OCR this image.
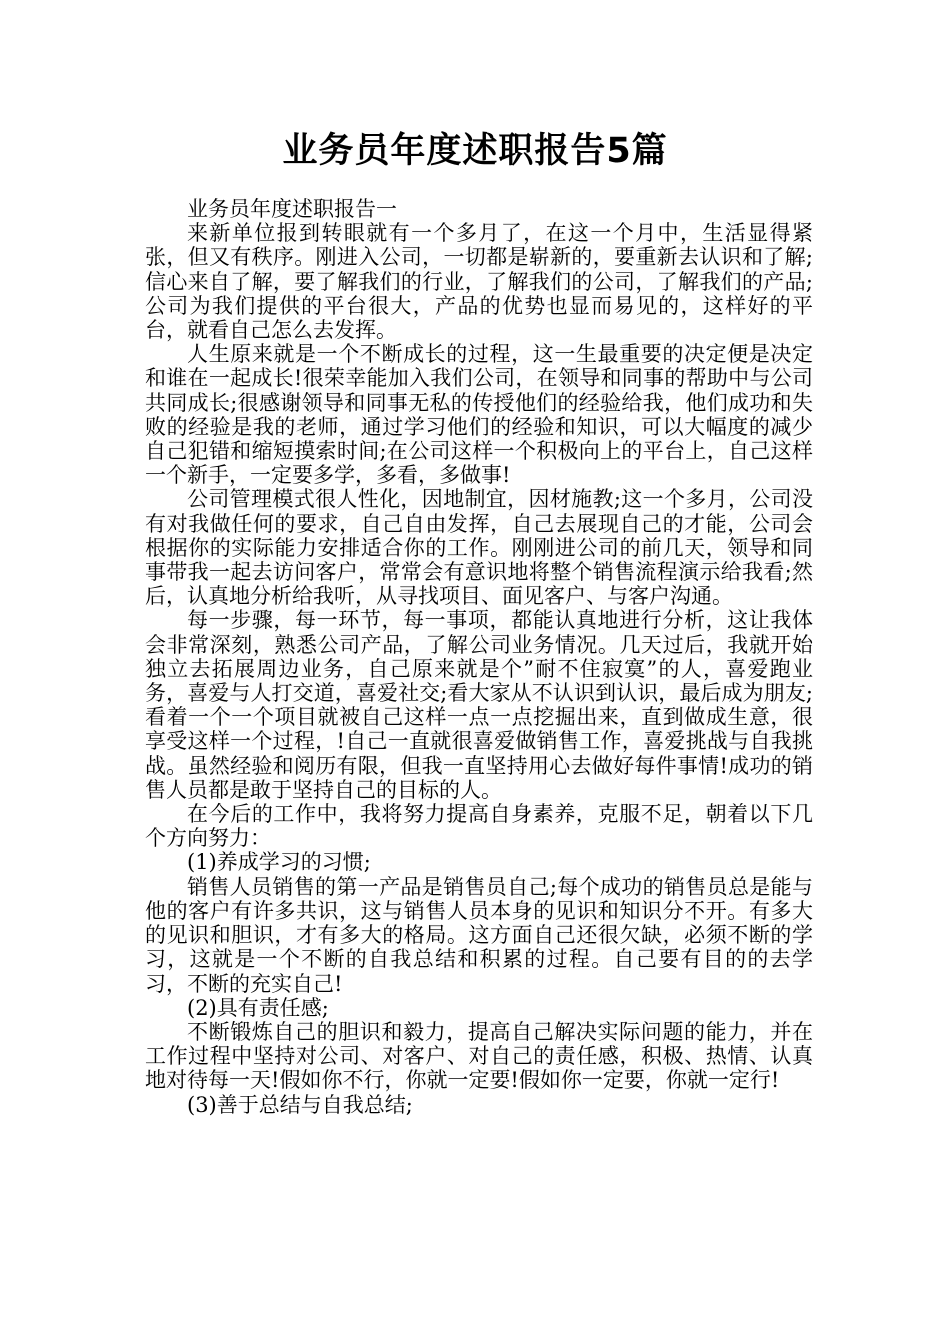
业务员年度述职报告5篇

业务员年度述职报告一

来新单位报到转眼就有一个多月了，在这一个月中，生活显得紧张，但又有秩序。刚进入公司，一切都是崭新的，要重新去认识和了解;信心来自了解，要了解我们的行业，了解我们的公司，了解我们的产品;公司为我们提供的平台很大，产品的优势也显而易见的，这样好的平台，就看自己怎么去发挥。

人生原来就是一个不断成长的过程，这一生最重要的决定便是决定和谁在一起成长!很荣幸能加入我们公司，在领导和同事的帮助中与公司共同成长;很感谢领导和同事无私的传授他们的经验给我，他们成功和失败的经验是我的老师，通过学习他们的经验和知识，可以大幅度的减少自己犯错和缩短摸索时间;在公司这样一个积极向上的平台上，自己这样一个新手，一定要多学，多看，多做事!

公司管理模式很人性化，因地制宜，因材施教;这一个多月，公司没有对我做任何的要求，自己自由发挥，自己去展现自己的才能，公司会根据你的实际能力安排适合你的工作。刚刚进公司的前几天，领导和同事带我一起去访问客户，常常会有意识地将整个销售流程演示给我看;然后，认真地分析给我听，从寻找项目、面见客户、与客户沟通。

每一步骤，每一环节，每一事项，都能认真地进行分析，这让我体会非常深刻，熟悉公司产品，了解公司业务情况。几天过后，我就开始独立去拓展周边业务，自己原来就是个”耐不住寂寞”的人，喜爱跑业务，喜爱与人打交道，喜爱社交;看大家从不认识到认识，最后成为朋友;看着一个一个项目就被自己这样一点一点挖掘出来，直到做成生意，很享受这样一个过程，!自己一直就很喜爱做销售工作，喜爱挑战与自我挑战。虽然经验和阅历有限，但我一直坚持用心去做好每件事情!成功的销售人员都是敢于坚持自己的目标的人。

在今后的工作中，我将努力提高自身素养，克服不足，朝着以下几个方向努力：

(1)养成学习的习惯;

销售人员销售的第一产品是销售员自己;每个成功的销售员总是能与他的客户有许多共识，这与销售人员本身的见识和知识分不开。有多大的见识和胆识，才有多大的格局。这方面自己还很欠缺，必须不断的学习，这就是一个不断的自我总结和积累的过程。自己要有目的的去学习，不断的充实自己!

(2)具有责任感;

不断锻炼自己的胆识和毅力，提高自己解决实际问题的能力，并在工作过程中坚持对公司、对客户、对自己的责任感，积极、热情、认真地对待每一天!假如你不行，你就一定要!假如你一定要，你就一定行!

(3)善于总结与自我总结;
